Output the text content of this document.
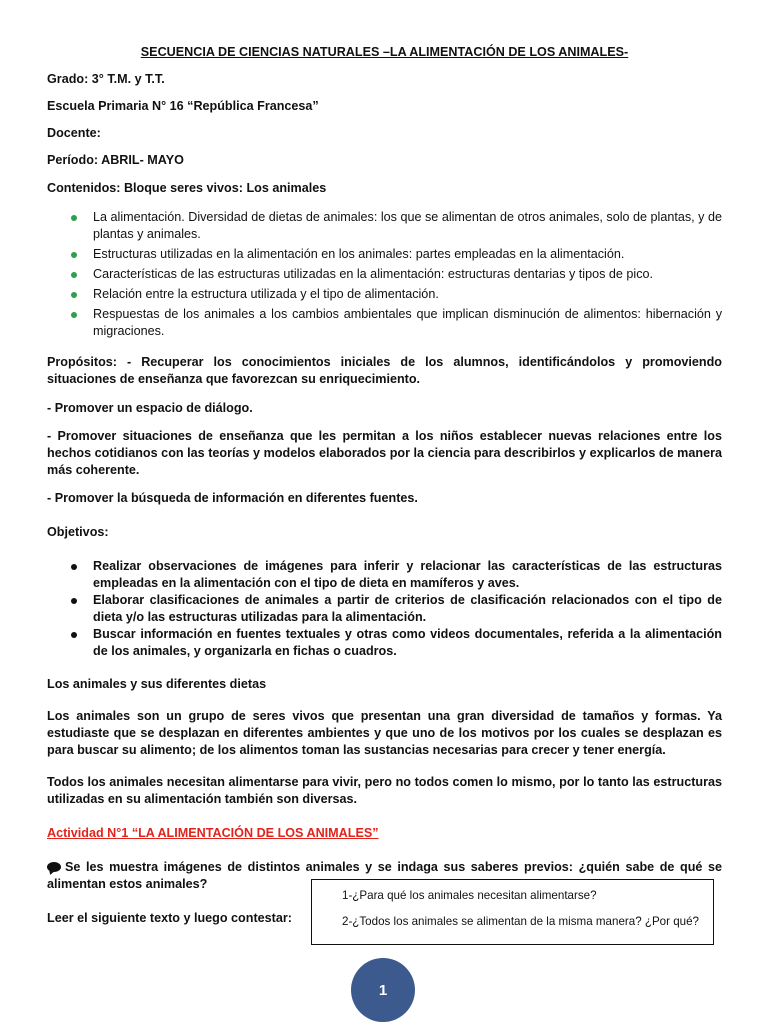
SECUENCIA DE CIENCIAS NATURALES –LA ALIMENTACIÓN DE LOS ANIMALES-
Grado: 3° T.M. y T.T.
Escuela Primaria N° 16 “República Francesa”
Docente:
Período: ABRIL- MAYO
Contenidos: Bloque seres vivos: Los animales
La alimentación. Diversidad de dietas de animales: los que se alimentan de otros animales, solo de plantas, y de plantas y animales.
Estructuras utilizadas en la alimentación en los animales: partes empleadas en la alimentación.
Características de las estructuras utilizadas en la alimentación: estructuras dentarias y tipos de pico.
Relación entre la estructura utilizada y el tipo de alimentación.
Respuestas de los animales a los cambios ambientales que implican disminución de alimentos: hibernación y migraciones.
Propósitos: - Recuperar los conocimientos iniciales de los alumnos, identificándolos y promoviendo situaciones de enseñanza que favorezcan su enriquecimiento.
- Promover un espacio de diálogo.
- Promover situaciones de enseñanza que les permitan a los niños establecer nuevas relaciones entre los hechos cotidianos con las teorías y modelos elaborados por la ciencia para describirlos y explicarlos de manera más coherente.
- Promover la búsqueda de información en diferentes fuentes.
Objetivos:
Realizar observaciones de imágenes para inferir y relacionar las características de las estructuras empleadas en la alimentación con el tipo de dieta en mamíferos y aves.
Elaborar clasificaciones de animales a partir de criterios de clasificación relacionados con el tipo de dieta y/o las estructuras utilizadas para la alimentación.
Buscar información en fuentes textuales y otras como videos documentales, referida a la alimentación de los animales, y organizarla en fichas o cuadros.
Los animales y sus diferentes dietas
Los animales son un grupo de seres vivos que presentan una gran diversidad de tamaños y formas. Ya estudiaste que se desplazan en diferentes ambientes y que uno de los motivos por los cuales se desplazan es para buscar su alimento; de los alimentos toman las sustancias necesarias para crecer y tener energía.
Todos los animales necesitan alimentarse para vivir, pero no todos comen lo mismo, por lo tanto las estructuras utilizadas en su alimentación también son diversas.
Actividad N°1 “LA ALIMENTACIÓN DE LOS ANIMALES”
Se les muestra imágenes de distintos animales y se indaga sus saberes previos: ¿quién sabe de qué se alimentan estos animales?
Leer el siguiente texto y luego contestar:
1-¿Para qué los animales necesitan alimentarse?
2-¿Todos los animales se alimentan de la misma manera? ¿Por qué?
1
